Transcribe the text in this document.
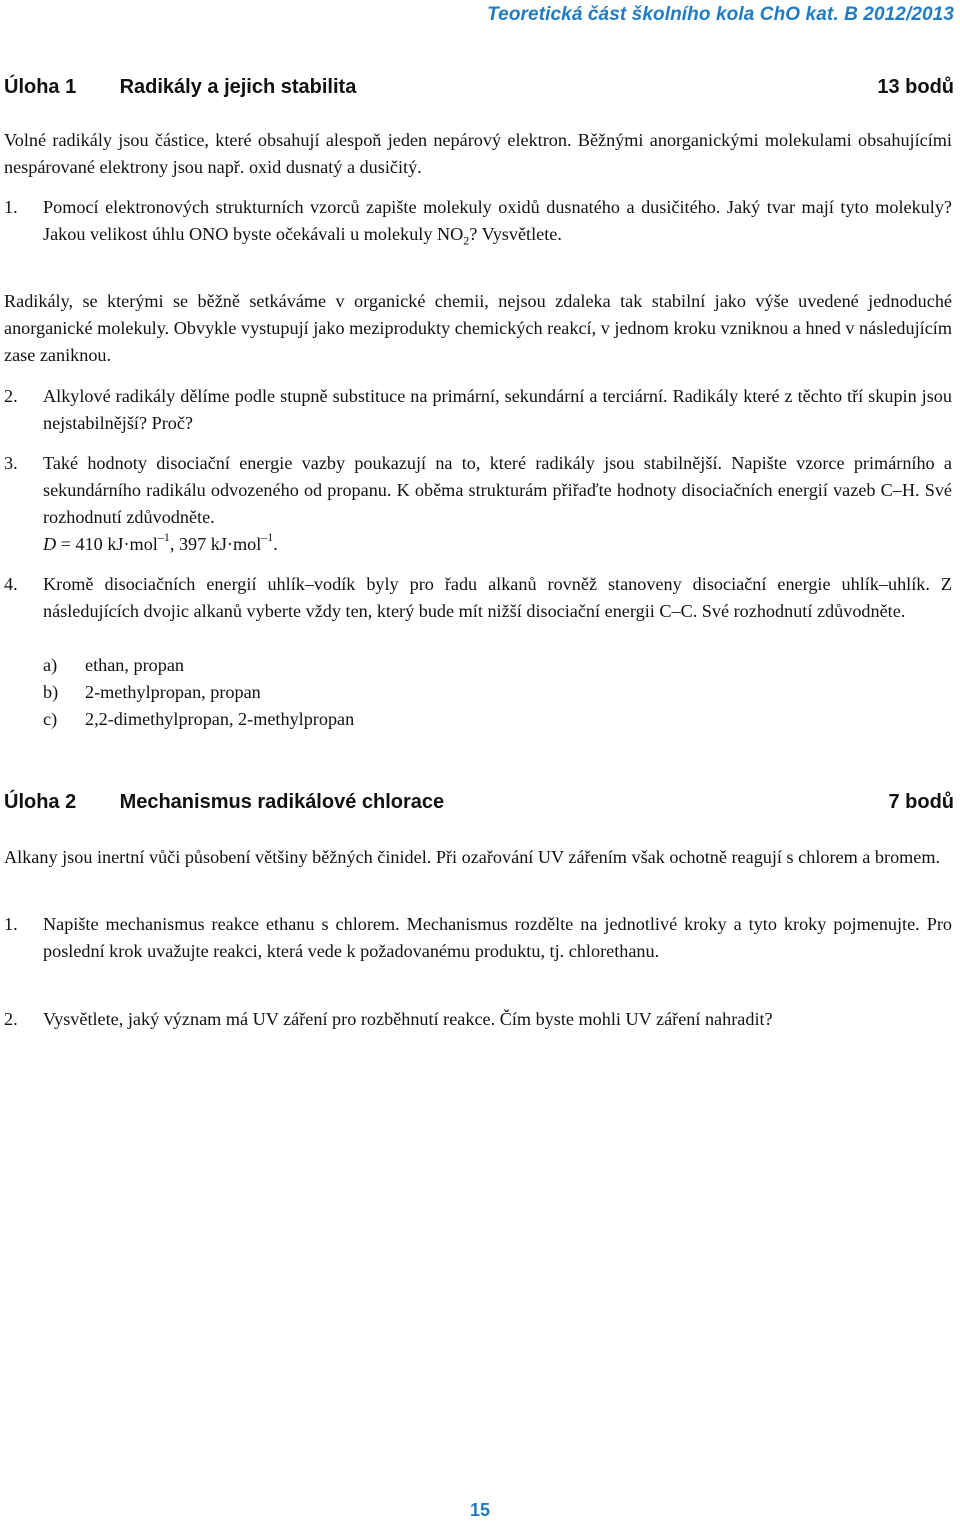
Teoretická část školního kola ChO kat. B 2012/2013
Úloha 1 Radikály a jejich stabilita	13 bodů
Volné radikály jsou částice, které obsahují alespoň jeden nepárový elektron. Běžnými anorganickými molekulami obsahujícími nespárované elektrony jsou např. oxid dusnatý a dusičitý.
1.	Pomocí elektronových strukturních vzorců zapište molekuly oxidů dusnatého a dusičitého. Jaký tvar mají tyto molekuly? Jakou velikost úhlu ONO byste očekávali u molekuly $NO_2$? Vysvětlete.
Radikály, se kterými se běžně setkáváme v organické chemii, nejsou zdaleka tak stabilní jako výše uvedené jednoduché anorganické molekuly. Obvykle vystupují jako meziprodukty chemických reakcí, v jednom kroku vzniknou a hned v následujícím zase zaniknou.
2.	Alkylové radikály dělíme podle stupně substituce na primární, sekundární a terciární. Radikály které z těchto tří skupin jsou nejstabilnější? Proč?
3.	Také hodnoty disociační energie vazby poukazují na to, které radikály jsou stabilnější. Napište vzorce primárního a sekundárního radikálu odvozeného od propanu. K oběma strukturám přiřaďte hodnoty disociačních energií vazeb C–H. Své rozhodnutí zdůvodněte.
D = 410 kJ·mol$^{-1}$, 397 kJ·mol$^{-1}$.
4.	Kromě disociačních energií uhlík–vodík byly pro řadu alkanů rovněž stanoveny disociační energie uhlík–uhlík. Z následujících dvojic alkanů vyberte vždy ten, který bude mít nižší disociační energii C–C. Své rozhodnutí zdůvodněte.
a)	ethan, propan
b)	2-methylpropan, propan
c)	2,2-dimethylpropan, 2-methylpropan
Úloha 2 Mechanismus radikálové chlorace	7 bodů
Alkany jsou inertní vůči působení většiny běžných činidel. Při ozařování UV zářením však ochotně reagují s chlorem a bromem.
1.	Napište mechanismus reakce ethanu s chlorem. Mechanismus rozdělte na jednotlivé kroky a tyto kroky pojmenujte. Pro poslední krok uvažujte reakci, která vede k požadovanému produktu, tj. chlorethanu.
2.	Vysvětlete, jaký význam má UV záření pro rozběhnutí reakce. Čím byste mohli UV záření nahradit?
15
